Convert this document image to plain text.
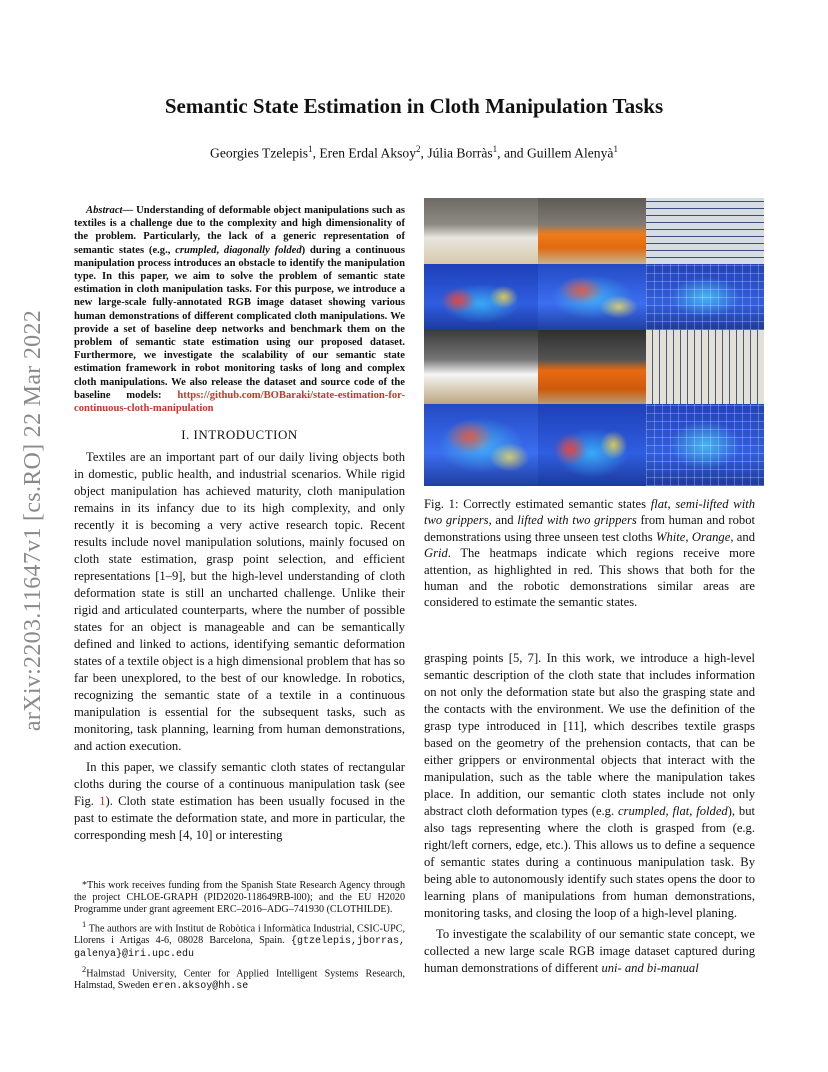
arXiv:2203.11647v1 [cs.RO] 22 Mar 2022
Semantic State Estimation in Cloth Manipulation Tasks

Georgies Tzelepis$^1$, Eren Erdal Aksoy$^2$, Júlia Borràs$^1$, and Guillem Alenyà$^1$

Abstract— Understanding of deformable object manipulations such as textiles is a challenge due to the complexity and high dimensionality of the problem. Particularly, the lack of a generic representation of semantic states (e.g., crumpled, diagonally folded) during a continuous manipulation process introduces an obstacle to identify the manipulation type. In this paper, we aim to solve the problem of semantic state estimation in cloth manipulation tasks. For this purpose, we introduce a new large-scale fully-annotated RGB image dataset showing various human demonstrations of different complicated cloth manipulations. We provide a set of baseline deep networks and benchmark them on the problem of semantic state estimation using our proposed dataset. Furthermore, we investigate the scalability of our semantic state estimation framework in robot monitoring tasks of long and complex cloth manipulations. We also release the dataset and source code of the baseline models: https://github.com/BOBaraki/state-estimation-for-continuous-cloth-manipulation

I. INTRODUCTION

Textiles are an important part of our daily living objects both in domestic, public health, and industrial scenarios. While rigid object manipulation has achieved maturity, cloth manipulation remains in its infancy due to its high complexity, and only recently it is becoming a very active research topic. Recent results include novel manipulation solutions, mainly focused on cloth state estimation, grasp point selection, and efficient representations [1–9], but the high-level understanding of cloth deformation state is still an uncharted challenge. Unlike their rigid and articulated counterparts, where the number of possible states for an object is manageable and can be semantically defined and linked to actions, identifying semantic deformation states of a textile object is a high dimensional problem that has so far been unexplored, to the best of our knowledge. In robotics, recognizing the semantic state of a textile in a continuous manipulation is essential for the subsequent tasks, such as monitoring, task planning, learning from human demonstrations, and action execution.

In this paper, we classify semantic cloth states of rectangular cloths during the course of a continuous manipulation task (see Fig. 1). Cloth state estimation has been usually focused in the past to estimate the deformation state, and more in particular, the corresponding mesh [4, 10] or interesting

*This work receives funding from the Spanish State Research Agency through the project CHLOE-GRAPH (PID2020-118649RB-l00); and the EU H2020 Programme under grant agreement ERC–2016–ADG–741930 (CLOTHILDE).

$^1$ The authors are with Institut de Robòtica i Informàtica Industrial, CSIC-UPC, Llorens i Artigas 4-6, 08028 Barcelona, Spain. {gtzelepis,jborras, galenya}@iri.upc.edu

$^2$Halmstad University, Center for Applied Intelligent Systems Research, Halmstad, Sweden eren.aksoy@hh.se

Fig. 1: Correctly estimated semantic states flat, semi-lifted with two grippers, and lifted with two grippers from human and robot demonstrations using three unseen test cloths White, Orange, and Grid. The heatmaps indicate which regions receive more attention, as highlighted in red. This shows that both for the human and the robotic demonstrations similar areas are considered to estimate the semantic states.

grasping points [5, 7]. In this work, we introduce a high-level semantic description of the cloth state that includes information on not only the deformation state but also the grasping state and the contacts with the environment. We use the definition of the grasp type introduced in [11], which describes textile grasps based on the geometry of the prehension contacts, that can be either grippers or environmental objects that interact with the manipulation, such as the table where the manipulation takes place. In addition, our semantic cloth states include not only abstract cloth deformation types (e.g. crumpled, flat, folded), but also tags representing where the cloth is grasped from (e.g. right/left corners, edge, etc.). This allows us to define a sequence of semantic states during a continuous manipulation task. By being able to autonomously identify such states opens the door to learning plans of manipulations from human demonstrations, monitoring tasks, and closing the loop of a high-level planing.

To investigate the scalability of our semantic state concept, we collected a new large scale RGB image dataset captured during human demonstrations of different uni- and bi-manual
